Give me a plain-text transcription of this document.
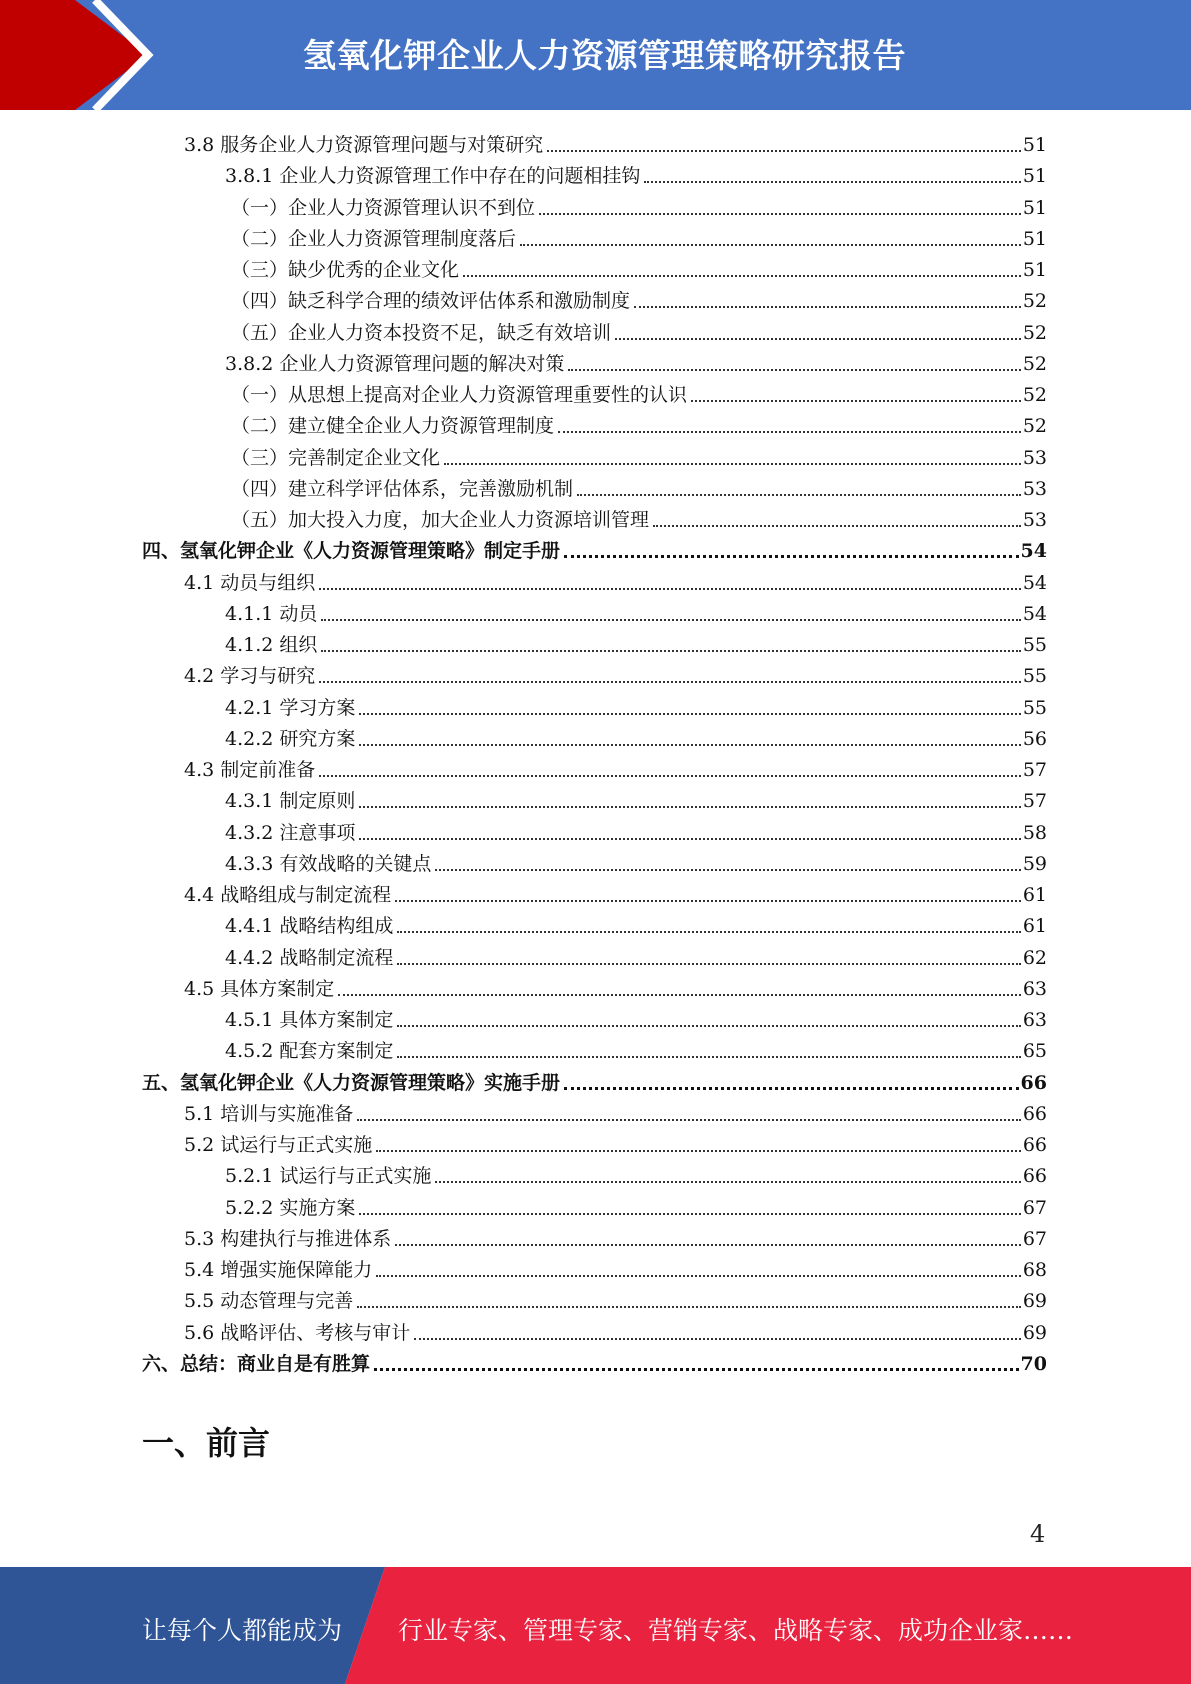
氢氧化钾企业人力资源管理策略研究报告
3.8 服务企业人力资源管理问题与对策研究	51
3.8.1 企业人力资源管理工作中存在的问题相挂钩	51
（一）企业人力资源管理认识不到位	51
（二）企业人力资源管理制度落后	51
（三）缺少优秀的企业文化	51
（四）缺乏科学合理的绩效评估体系和激励制度	52
（五）企业人力资本投资不足，缺乏有效培训	52
3.8.2 企业人力资源管理问题的解决对策	52
（一）从思想上提高对企业人力资源管理重要性的认识	52
（二）建立健全企业人力资源管理制度	52
（三）完善制定企业文化	53
（四）建立科学评估体系，完善激励机制	53
（五）加大投入力度，加大企业人力资源培训管理	53
四、氢氧化钾企业《人力资源管理策略》制定手册	54
4.1 动员与组织	54
4.1.1 动员	54
4.1.2 组织	55
4.2 学习与研究	55
4.2.1 学习方案	55
4.2.2 研究方案	56
4.3 制定前准备	57
4.3.1 制定原则	57
4.3.2 注意事项	58
4.3.3 有效战略的关键点	59
4.4 战略组成与制定流程	61
4.4.1 战略结构组成	61
4.4.2 战略制定流程	62
4.5 具体方案制定	63
4.5.1 具体方案制定	63
4.5.2 配套方案制定	65
五、氢氧化钾企业《人力资源管理策略》实施手册	66
5.1 培训与实施准备	66
5.2 试运行与正式实施	66
5.2.1 试运行与正式实施	66
5.2.2 实施方案	67
5.3 构建执行与推进体系	67
5.4 增强实施保障能力	68
5.5 动态管理与完善	69
5.6 战略评估、考核与审计	69
六、总结：商业自是有胜算	70
一、前言
4
让每个人都能成为 行业专家、管理专家、营销专家、战略专家、成功企业家……
